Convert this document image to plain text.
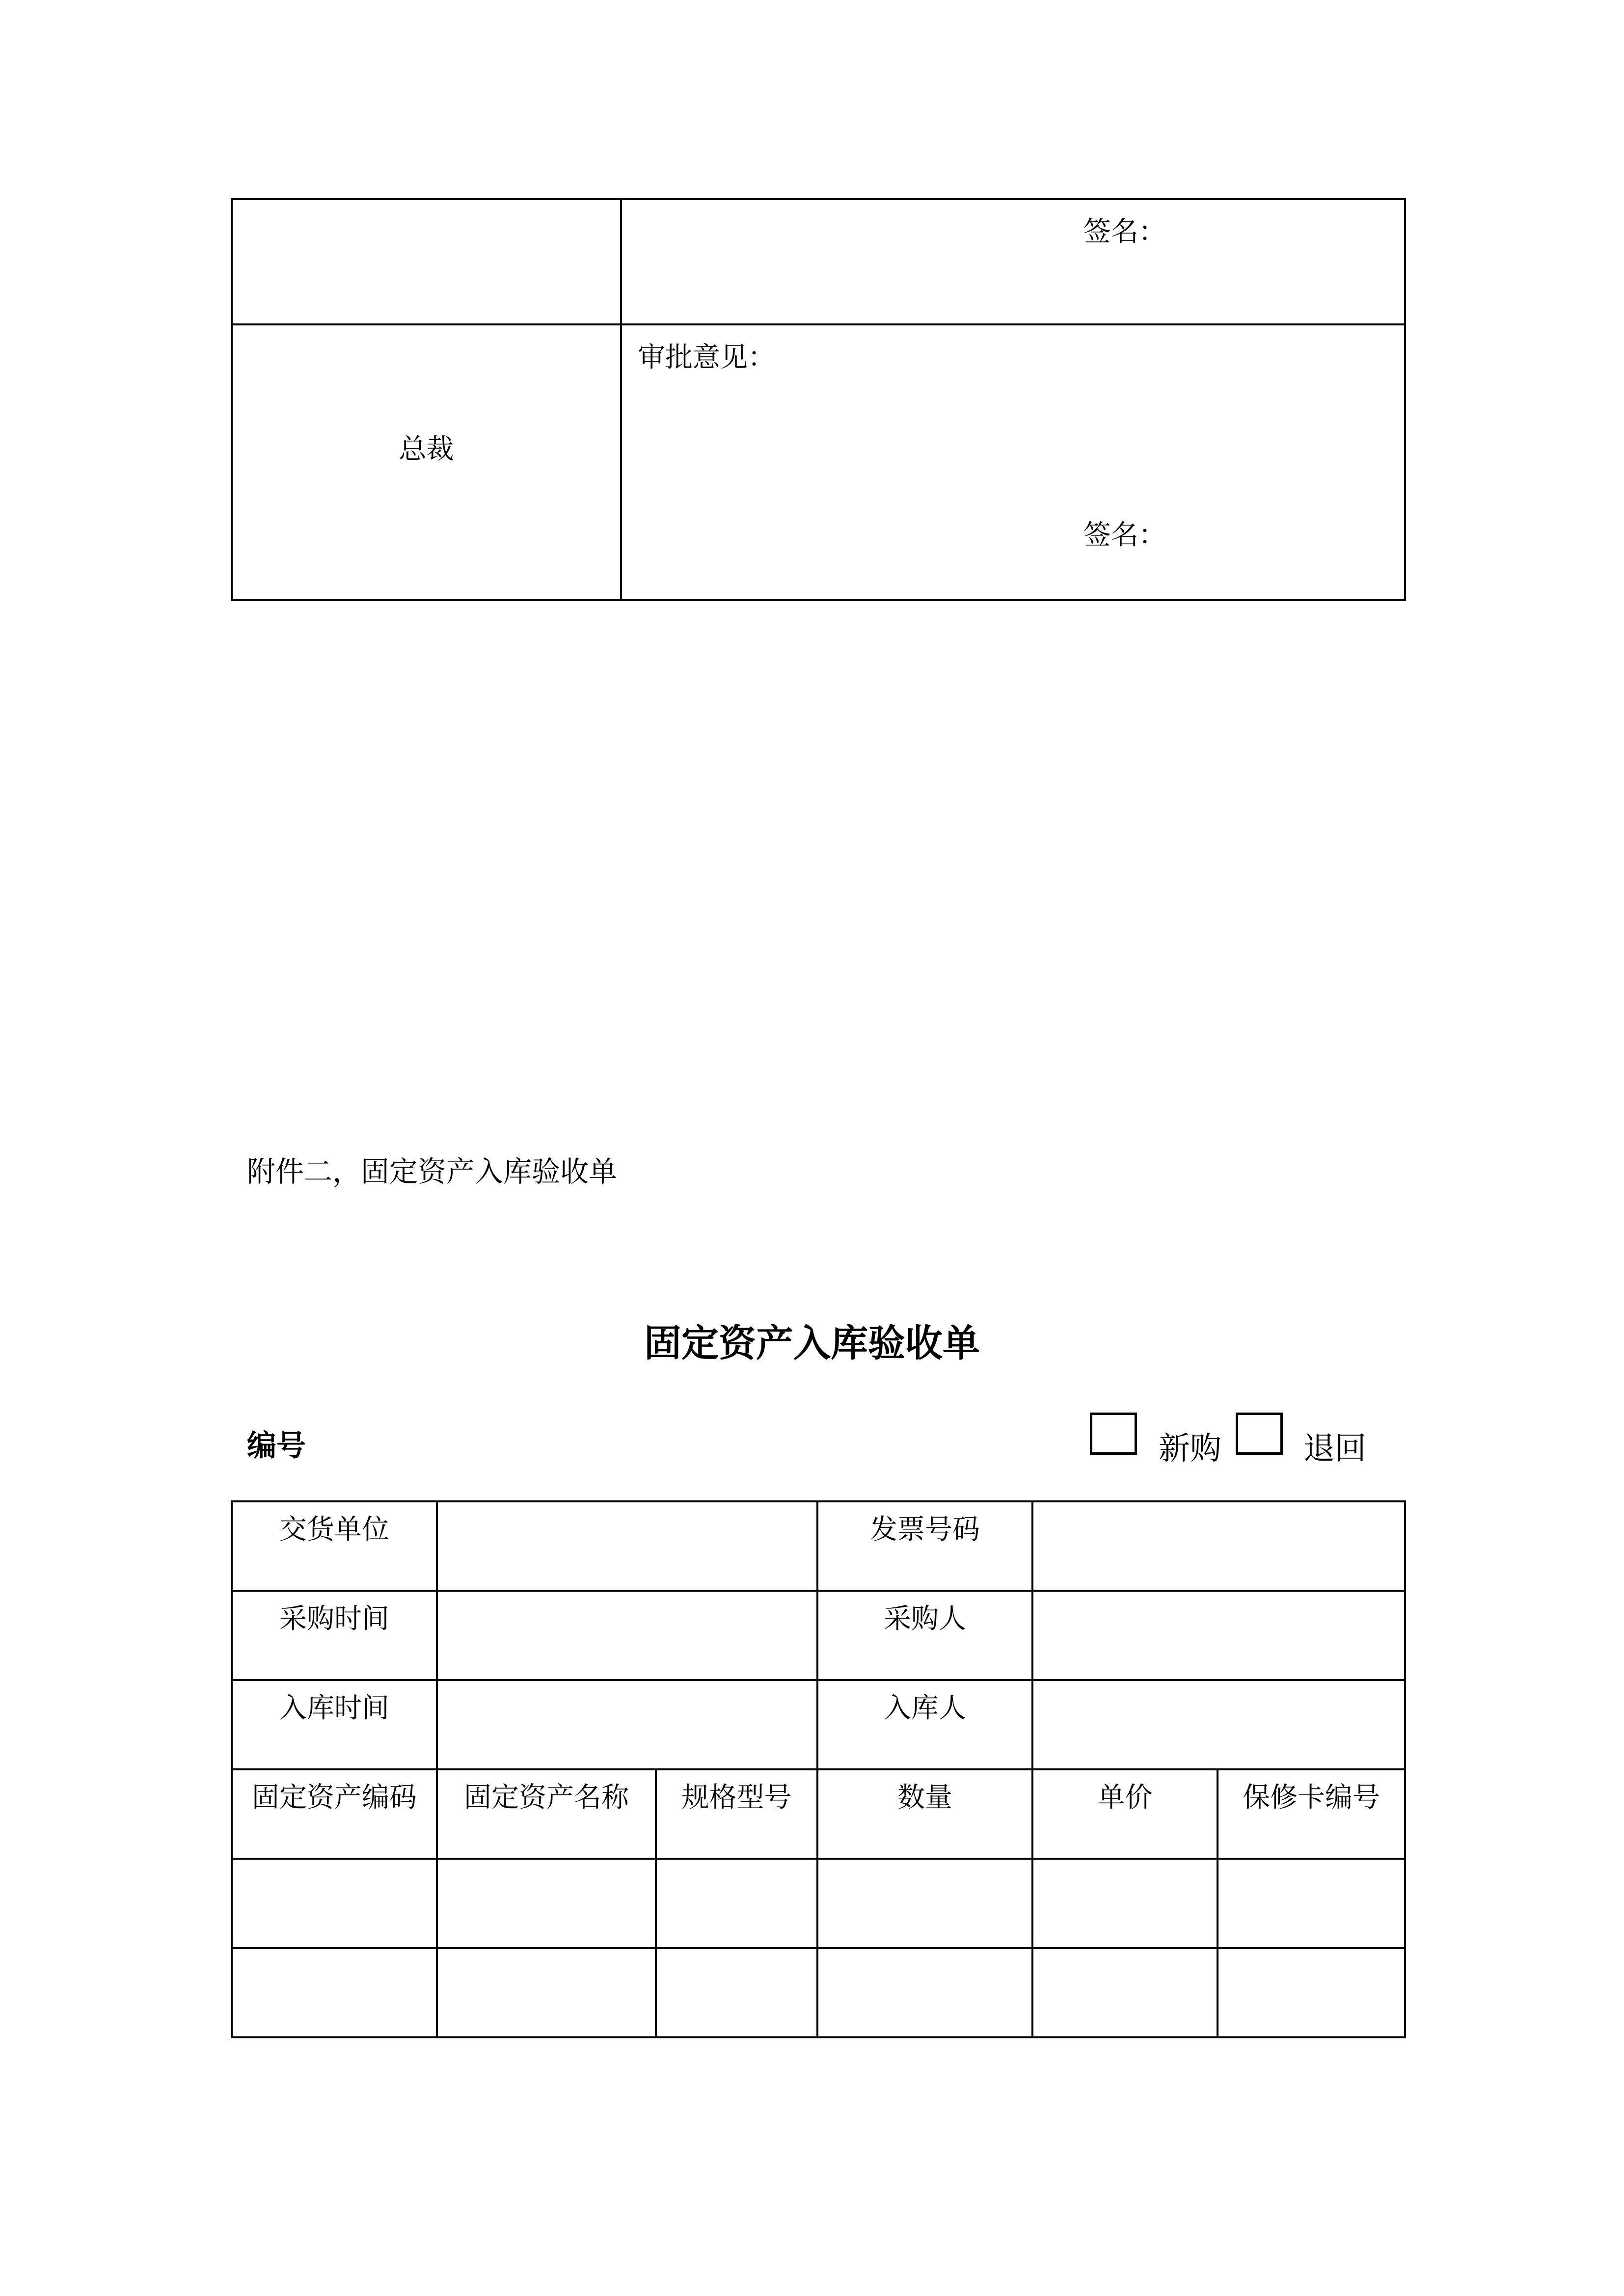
	签名：

总裁	审批意见：
签名：
附件二，固定资产入库验收单
固定资产入库验收单
编号	新购	退回
交货单位			发票号码		
采购时间			采购人		
入库时间			入库人		
固定资产编码	固定资产名称	规格型号	数量	单价	保修卡编号
